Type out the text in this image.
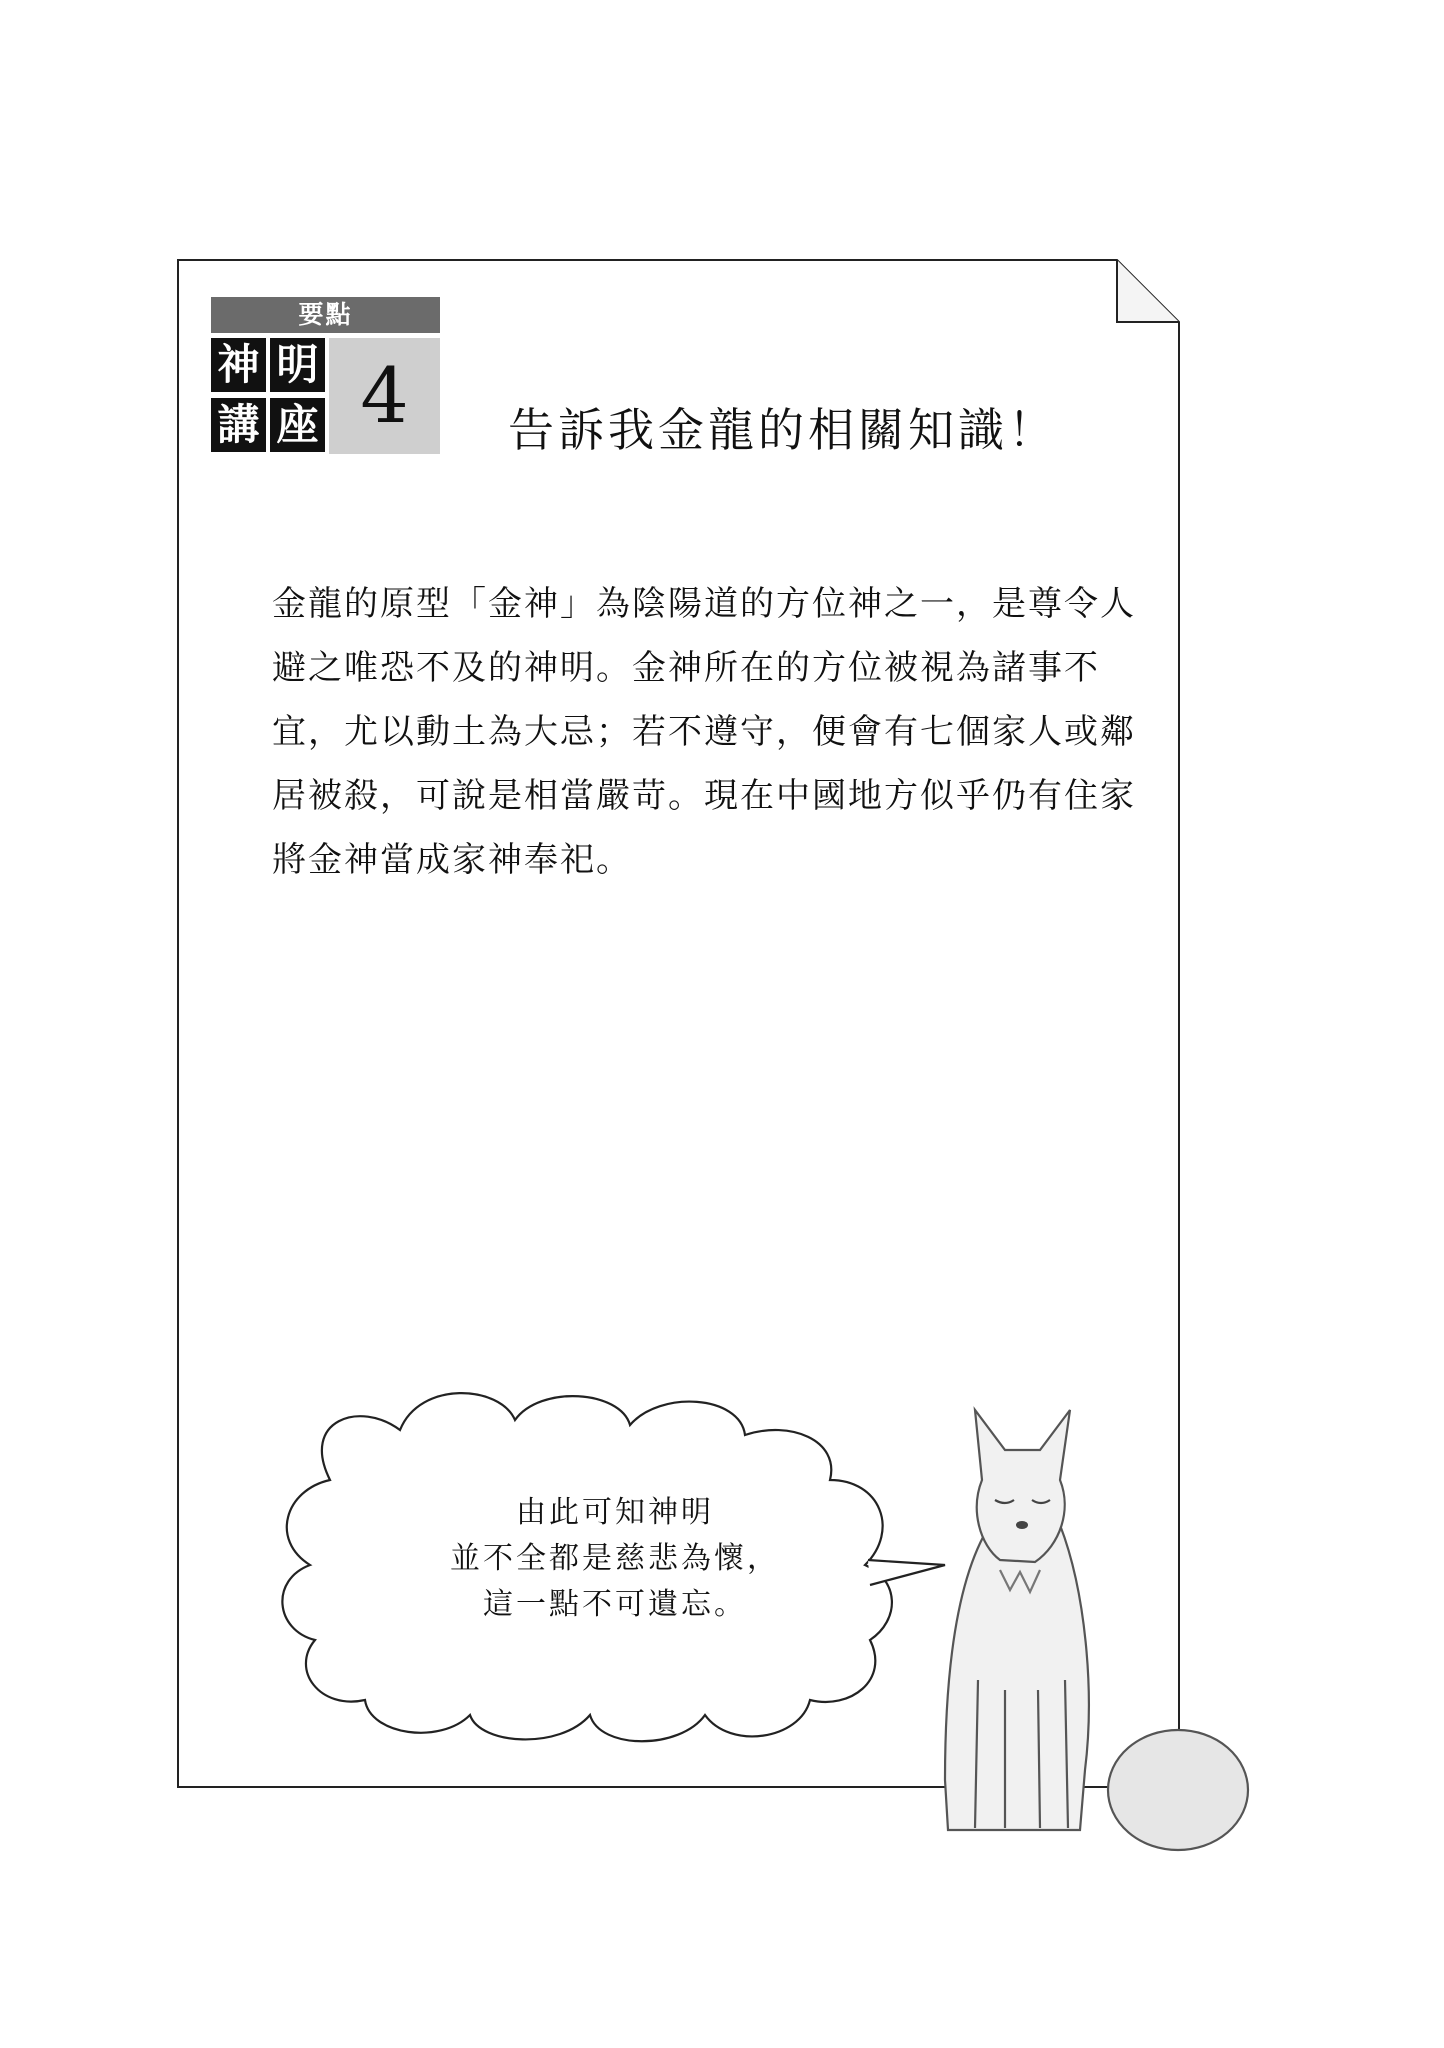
要點
神 明
講 座 4	告訴我金龍的相關知識！
金龍的原型「金神」為陰陽道的方位神之一，是尊令人
避之唯恐不及的神明。金神所在的方位被視為諸事不
宜，尤以動土為大忌；若不遵守，便會有七個家人或鄰
居被殺，可說是相當嚴苛。現在中國地方似乎仍有住家
將金神當成家神奉祀。
由此可知神明
並不全都是慈悲為懷，
這一點不可遺忘。
